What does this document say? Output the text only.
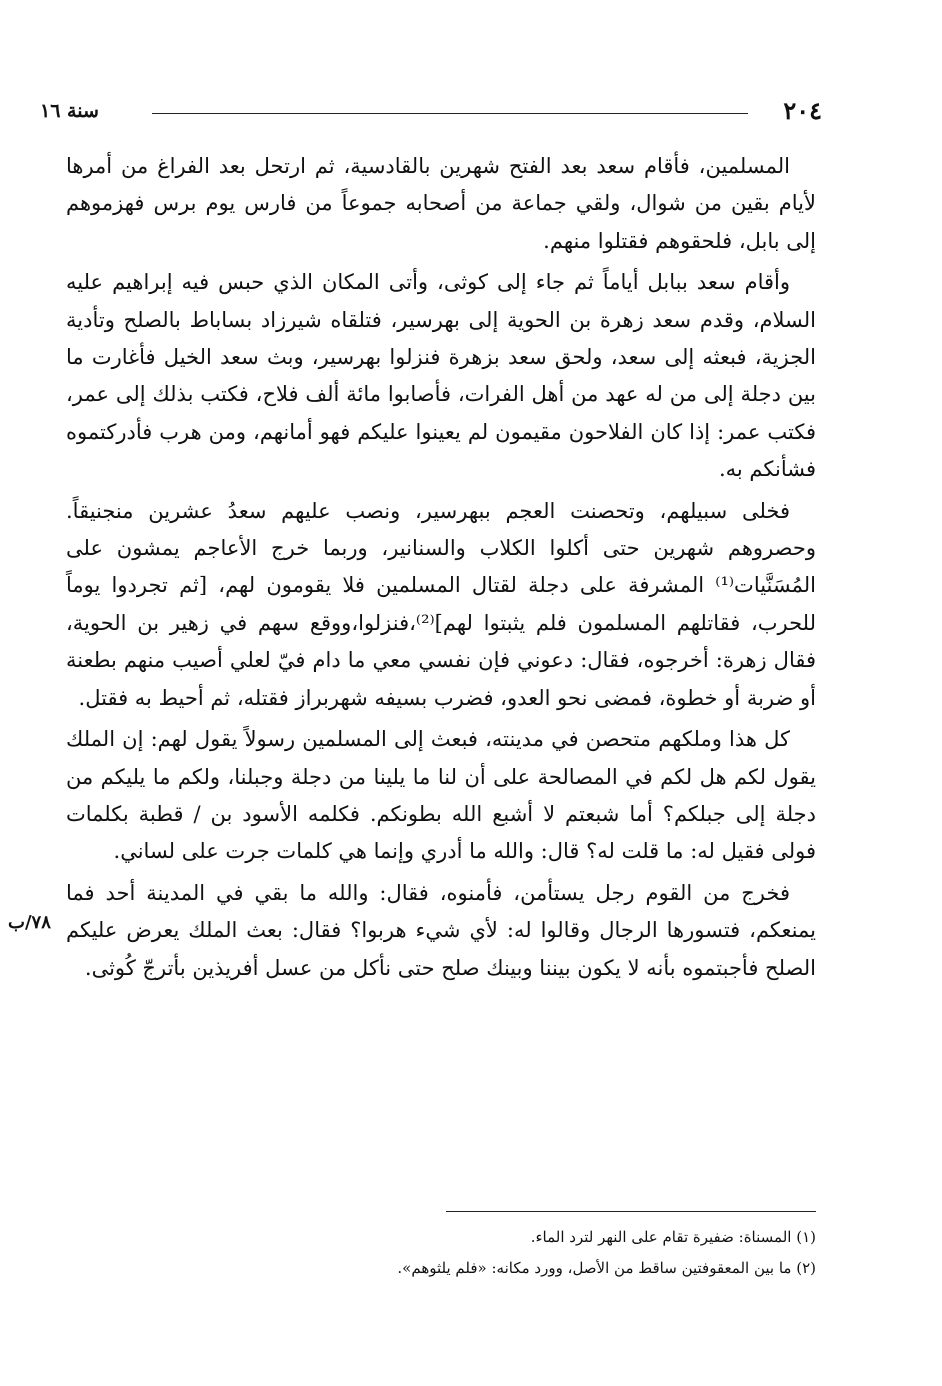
٢٠٤
سنة ١٦
٧٨/ب

المسلمين، فأقام سعد بعد الفتح شهرين بالقادسية، ثم ارتحل بعد الفراغ من أمرها لأيام بقين من شوال، ولقي جماعة من أصحابه جموعاً من فارس يوم برس فهزموهم إلى بابل، فلحقوهم فقتلوا منهم.

وأقام سعد ببابل أياماً ثم جاء إلى كوثى، وأتى المكان الذي حبس فيه إبراهيم عليه السلام، وقدم سعد زهرة بن الحوية إلى بهرسير، فتلقاه شيرزاد بساباط بالصلح وتأدية الجزية، فبعثه إلى سعد، ولحق سعد بزهرة فنزلوا بهرسير، وبث سعد الخيل فأغارت ما بين دجلة إلى من له عهد من أهل الفرات، فأصابوا مائة ألف فلاح، فكتب بذلك إلى عمر، فكتب عمر: إذا كان الفلاحون مقيمون لم يعينوا عليكم فهو أمانهم، ومن هرب فأدركتموه فشأنكم به.

فخلى سبيلهم، وتحصنت العجم ببهرسير، ونصب عليهم سعدُ عشرين منجنيقاً. وحصروهم شهرين حتى أكلوا الكلاب والسنانير، وربما خرج الأعاجم يمشون على المُسَنَّيات⁽¹⁾ المشرفة على دجلة لقتال المسلمين فلا يقومون لهم، [ثم تجردوا يوماً للحرب، فقاتلهم المسلمون فلم يثبتوا لهم]⁽²⁾،فنزلوا،ووقع سهم في زهير بن الحوية، فقال زهرة: أخرجوه، فقال: دعوني فإن نفسي معي ما دام فيّ لعلي أصيب منهم بطعنة أو ضربة أو خطوة، فمضى نحو العدو، فضرب بسيفه شهربراز فقتله، ثم أحيط به فقتل.

كل هذا وملكهم متحصن في مدينته، فبعث إلى المسلمين رسولاً يقول لهم: إن الملك يقول لكم هل لكم في المصالحة على أن لنا ما يلينا من دجلة وجبلنا، ولكم ما يليكم من دجلة إلى جبلكم؟ أما شبعتم لا أشبع الله بطونكم. فكلمه الأسود بن / قطبة بكلمات فولى فقيل له: ما قلت له؟ قال: والله ما أدري وإنما هي كلمات جرت على لساني.

فخرج من القوم رجل يستأمن، فأمنوه، فقال: والله ما بقي في المدينة أحد فما يمنعكم، فتسورها الرجال وقالوا له: لأي شيء هربوا؟ فقال: بعث الملك يعرض عليكم الصلح فأجبتموه بأنه لا يكون بيننا وبينك صلح حتى نأكل من عسل أفريذين بأترجّ كُوثى.

(١) المسناة: ضفيرة تقام على النهر لترد الماء.
(٢) ما بين المعقوفتين ساقط من الأصل، وورد مكانه: «فلم يلثوهم».
